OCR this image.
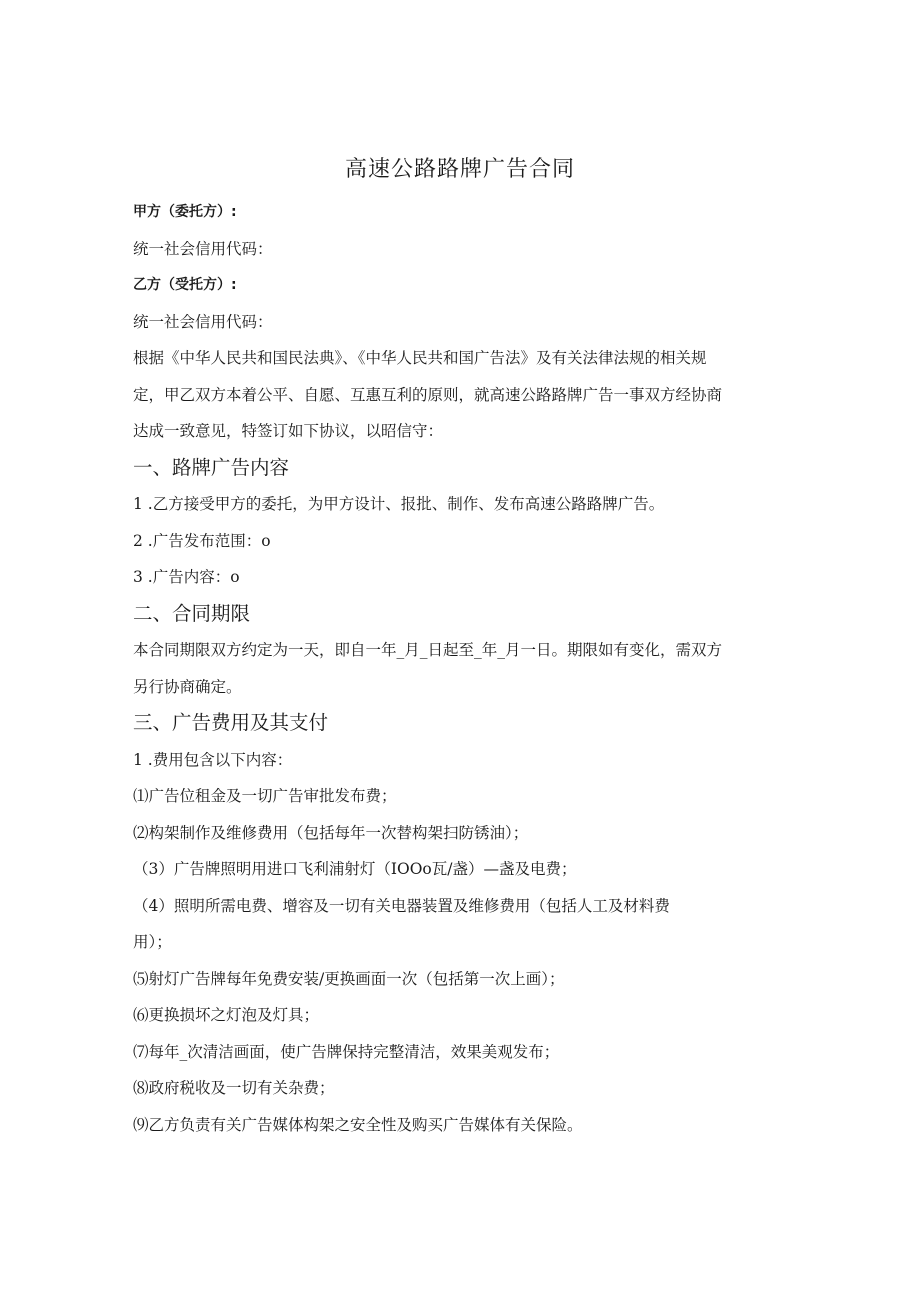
高速公路路牌广告合同
甲方（委托方）:
统一社会信用代码：
乙方（受托方）:
统一社会信用代码：
根据《中华人民共和国民法典》、《中华人民共和国广告法》及有关法律法规的相关规
定，甲乙双方本着公平、自愿、互惠互利的原则，就高速公路路牌广告一事双方经协商
达成一致意见，特签订如下协议，以昭信守：
一、路牌广告内容
1 .乙方接受甲方的委托，为甲方设计、报批、制作、发布高速公路路牌广告。
2 .广告发布范围：o
3 .广告内容：o
二、合同期限
本合同期限双方约定为一天，即自一年_月_日起至_年_月一日。期限如有变化，需双方
另行协商确定。
三、广告费用及其支付
1 .费用包含以下内容：
⑴广告位租金及一切广告审批发布费；
⑵构架制作及维修费用（包括每年一次替构架扫防锈油）；
（3）广告牌照明用进口飞利浦射灯（IOOo瓦/盏）—盏及电费；
（4）照明所需电费、增容及一切有关电器装置及维修费用（包括人工及材料费
用）；
⑸射灯广告牌每年免费安装/更换画面一次（包括第一次上画）；
⑹更换损坏之灯泡及灯具；
⑺每年_次清洁画面，使广告牌保持完整清洁，效果美观发布；
⑻政府税收及一切有关杂费；
⑼乙方负责有关广告媒体构架之安全性及购买广告媒体有关保险。
